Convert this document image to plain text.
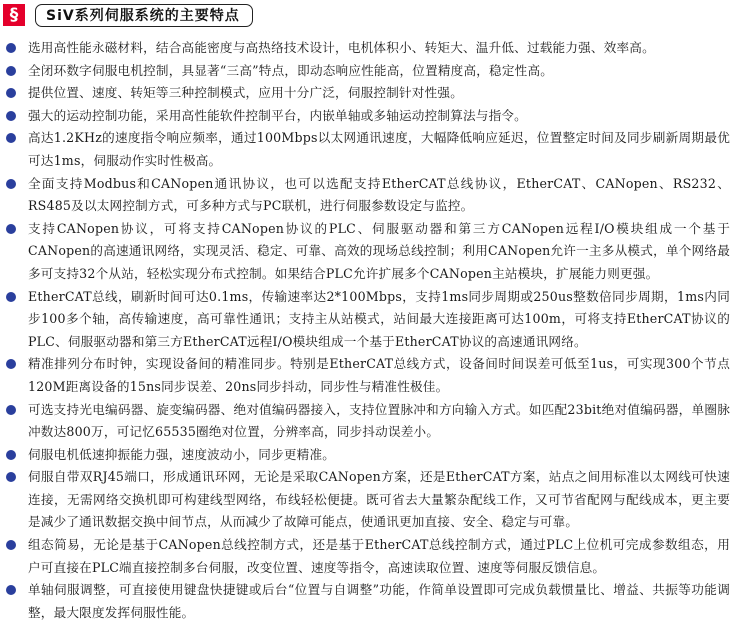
§	SiV系列伺服系统的主要特点
选用高性能永磁材料，结合高能密度与高热络技术设计，电机体积小、转矩大、温升低、过载能力强、效率高。
全闭环数字伺服电机控制，具显著“三高”特点，即动态响应性能高，位置精度高，稳定性高。
提供位置、速度、转矩等三种控制模式，应用十分广泛，伺服控制针对性强。
强大的运动控制功能，采用高性能软件控制平台，内嵌单轴或多轴运动控制算法与指令。
高达1.2KHz的速度指令响应频率，通过100Mbps以太网通讯速度，大幅降低响应延迟，位置整定时间及同步刷新周期最优可达1ms，伺服动作实时性极高。
全面支持Modbus和CANopen通讯协议，也可以选配支持EtherCAT总线协议，EtherCAT、CANopen、RS232、RS485及以太网控制方式，可多种方式与PC联机，进行伺服参数设定与监控。
支持CANopen协议，可将支持CANopen协议的PLC、伺服驱动器和第三方CANopen远程I/O模块组成一个基于CANopen的高速通讯网络，实现灵活、稳定、可靠、高效的现场总线控制；利用CANopen允许一主多从模式，单个网络最多可支持32个从站，轻松实现分布式控制。如果结合PLC允许扩展多个CANopen主站模块，扩展能力则更强。
EtherCAT总线，刷新时间可达0.1ms，传输速率达2*100Mbps，支持1ms同步周期或250us整数倍同步周期，1ms内同步100多个轴，高传输速度，高可靠性通讯；支持主从站模式，站间最大连接距离可达100m，可将支持EtherCAT协议的PLC、伺服驱动器和第三方EtherCAT远程I/O模块组成一个基于EtherCAT协议的高速通讯网络。
精准排列分布时钟，实现设备间的精准同步。特别是EtherCAT总线方式，设备间时间误差可低至1us，可实现300个节点120M距离设备的15ns同步误差、20ns同步抖动，同步性与精准性极佳。
可选支持光电编码器、旋变编码器、绝对值编码器接入，支持位置脉冲和方向输入方式。如匹配23bit绝对值编码器，单圈脉冲数达800万，可记忆65535圈绝对位置，分辨率高，同步抖动误差小。
伺服电机低速抑振能力强，速度波动小，同步更精准。
伺服自带双RJ45端口，形成通讯环网，无论是采取CANopen方案，还是EtherCAT方案，站点之间用标准以太网线可快速连接，无需网络交换机即可构建线型网络，布线轻松便捷。既可省去大量繁杂配线工作，又可节省配网与配线成本，更主要是减少了通讯数据交换中间节点，从而减少了故障可能点，使通讯更加直接、安全、稳定与可靠。
组态简易，无论是基于CANopen总线控制方式，还是基于EtherCAT总线控制方式，通过PLC上位机可完成参数组态，用户可直接在PLC端直接控制多台伺服，改变位置、速度等指令，高速读取位置、速度等伺服反馈信息。
单轴伺服调整，可直接使用键盘快捷键或后台“位置与自调整”功能，作简单设置即可完成负载惯量比、增益、共振等功能调整，最大限度发挥伺服性能。
